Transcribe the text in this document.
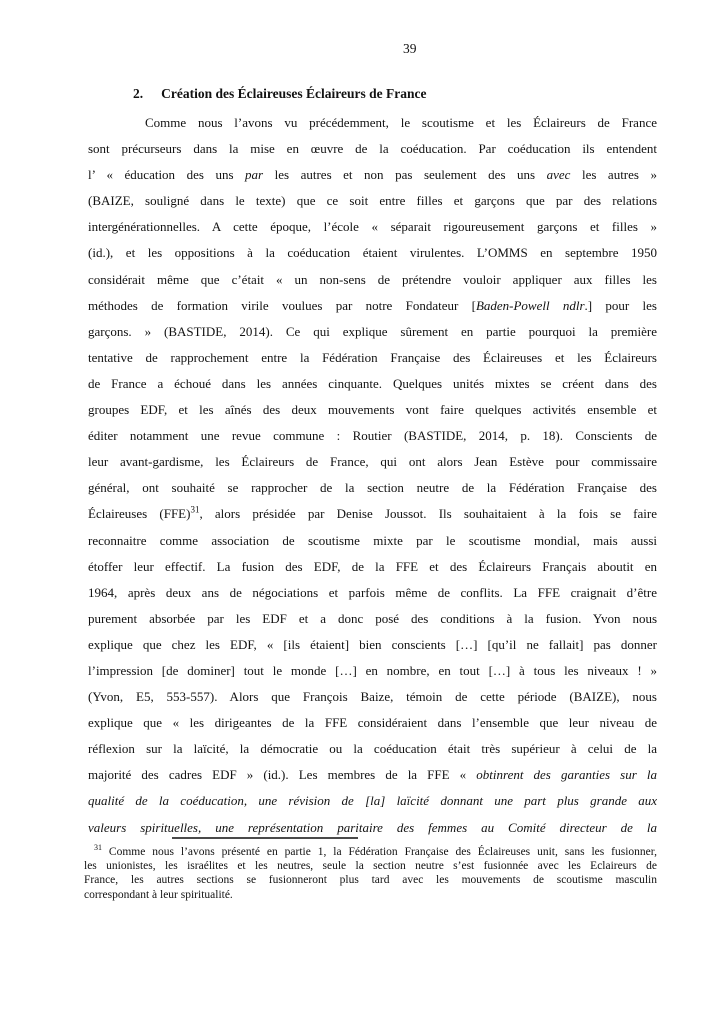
39
2. Création des Éclaireuses Éclaireurs de France
Comme nous l’avons vu précédemment, le scoutisme et les Éclaireurs de France
sont précurseurs dans la mise en œuvre de la coéducation. Par coéducation ils entendent
l’ « éducation des uns par les autres et non pas seulement des uns avec les autres »
(BAIZE, souligné dans le texte) que ce soit entre filles et garçons que par des relations
intergénérationnelles. A cette époque, l’école « séparait rigoureusement garçons et filles »
(id.), et les oppositions à la coéducation étaient virulentes. L’OMMS en septembre 1950
considérait même que c’était « un non-sens de prétendre vouloir appliquer aux filles les
méthodes de formation virile voulues par notre Fondateur [Baden-Powell ndlr.] pour les
garçons. » (BASTIDE, 2014). Ce qui explique sûrement en partie pourquoi la première
tentative de rapprochement entre la Fédération Française des Éclaireuses et les Éclaireurs
de France a échoué dans les années cinquante. Quelques unités mixtes se créent dans des
groupes EDF, et les aînés des deux mouvements vont faire quelques activités ensemble et
éditer notamment une revue commune : Routier (BASTIDE, 2014, p. 18). Conscients de
leur avant-gardisme, les Éclaireurs de France, qui ont alors Jean Estève pour commissaire
général, ont souhaité se rapprocher de la section neutre de la Fédération Française des
Éclaireuses (FFE)$^{31}$, alors présidée par Denise Joussot. Ils souhaitaient à la fois se faire
reconnaitre comme association de scoutisme mixte par le scoutisme mondial, mais aussi
étoffer leur effectif. La fusion des EDF, de la FFE et des Éclaireurs Français aboutit en
1964, après deux ans de négociations et parfois même de conflits. La FFE craignait d’être
purement absorbée par les EDF et a donc posé des conditions à la fusion. Yvon nous
explique que chez les EDF, « [ils étaient] bien conscients […] [qu’il ne fallait] pas donner
l’impression [de dominer] tout le monde […] en nombre, en tout […] à tous les niveaux ! »
(Yvon, E5, 553-557). Alors que François Baize, témoin de cette période (BAIZE), nous
explique que « les dirigeantes de la FFE considéraient dans l’ensemble que leur niveau de
réflexion sur la laïcité, la démocratie ou la coéducation était très supérieur à celui de la
majorité des cadres EDF » (id.). Les membres de la FFE « obtinrent des garanties sur la
qualité de la coéducation, une révision de [la] laïcité donnant une part plus grande aux
valeurs spirituelles, une représentation paritaire des femmes au Comité directeur de la
$^{31}$ Comme nous l’avons présenté en partie 1, la Fédération Française des Éclaireuses unit, sans les fusionner,
les unionistes, les israélites et les neutres, seule la section neutre s’est fusionnée avec les Eclaireurs de
France, les autres sections se fusionneront plus tard avec les mouvements de scoutisme masculin
correspondant à leur spiritualité.
